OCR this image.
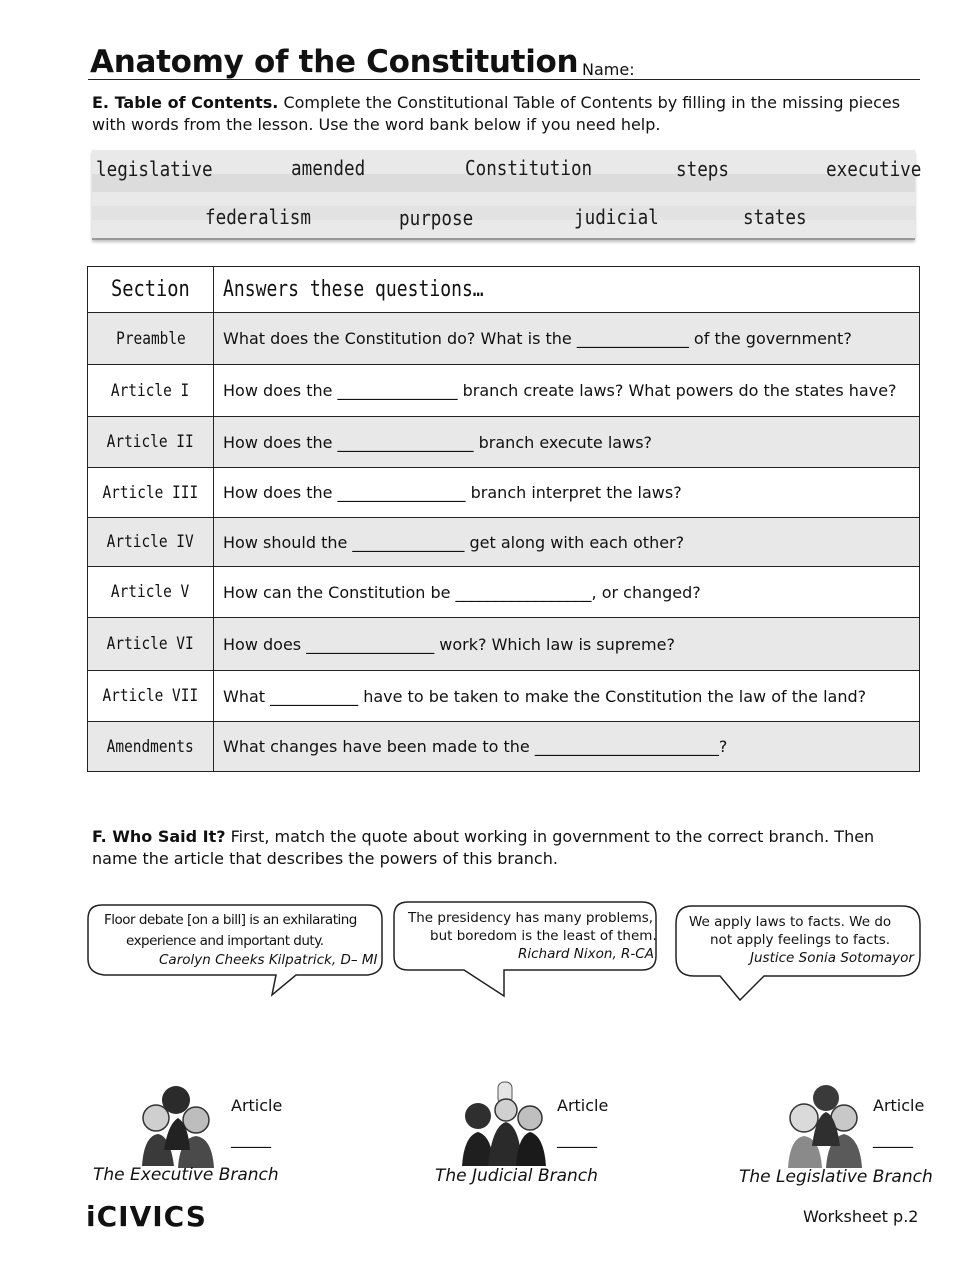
Anatomy of the Constitution Name:
E. Table of Contents. Complete the Constitutional Table of Contents by filling in the missing pieces with words from the lesson. Use the word bank below if you need help.
legislative	amended	Constitution	steps	executive
federalism	purpose	judicial	states
Section	Answers these questions…
Preamble	What does the Constitution do? What is the ______________ of the government?
Article I	How does the _______________ branch create laws? What powers do the states have?
Article II	How does the _________________ branch execute laws?
Article III	How does the ________________ branch interpret the laws?
Article IV	How should the ______________ get along with each other?
Article V	How can the Constitution be _________________, or changed?
Article VI	How does ________________ work? Which law is supreme?
Article VII	What ___________ have to be taken to make the Constitution the law of the land?
Amendments	What changes have been made to the _______________________?
F. Who Said It? First, match the quote about working in government to the correct branch. Then name the article that describes the powers of this branch.
Floor debate [on a bill] is an exhilarating
experience and important duty.
Carolyn Cheeks Kilpatrick, D– MI
The presidency has many problems,
but boredom is the least of them.
Richard Nixon, R-CA
We apply laws to facts. We do
not apply feelings to facts.
Justice Sonia Sotomayor
Article
_____
The Executive Branch
Article
_____
The Judicial Branch
Article
_____
The Legislative Branch
iCIVICS	Worksheet p.2
